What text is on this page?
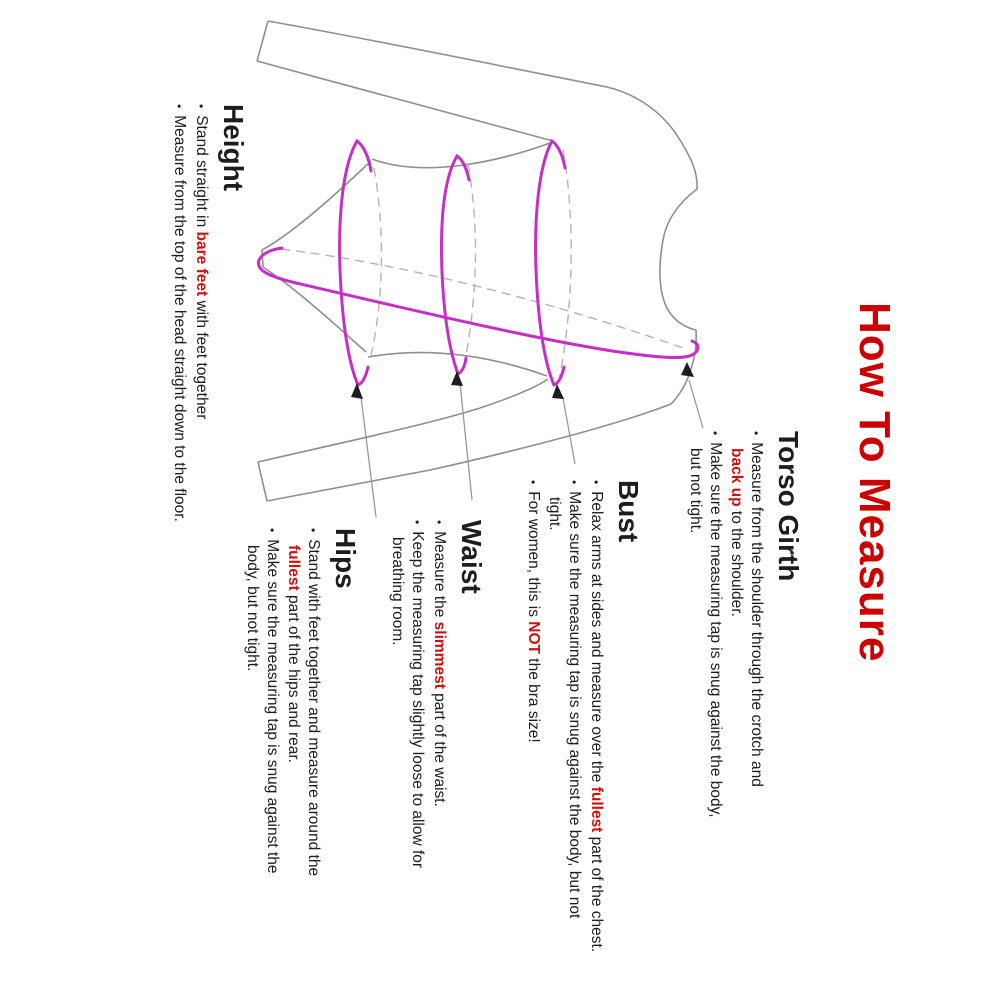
How To Measure
Height
•Stand straight in bare feet with feet together
•Measure from the top of the head straight down to the floor.	Torso Girth
•Measure from the shoulder through the crotch and
back up to the shoulder.
•Make sure the measuring tap is snug against the body,
but not tight.
Bust
•Relax arms at sides and measure over the fullest part of the chest.
•Make sure the measuring tap is snug against the body, but not
tight.
•For women, this is NOT the bra size!
Waist
•Measure the slimmest part of the waist.
•Keep the measuring tap slightly loose to allow for
breathing room.
Hips
•Stand with feet together and measure around the
fullest part of the hips and rear.
•Make sure the measuring tap is snug against the
body, but not tight.
